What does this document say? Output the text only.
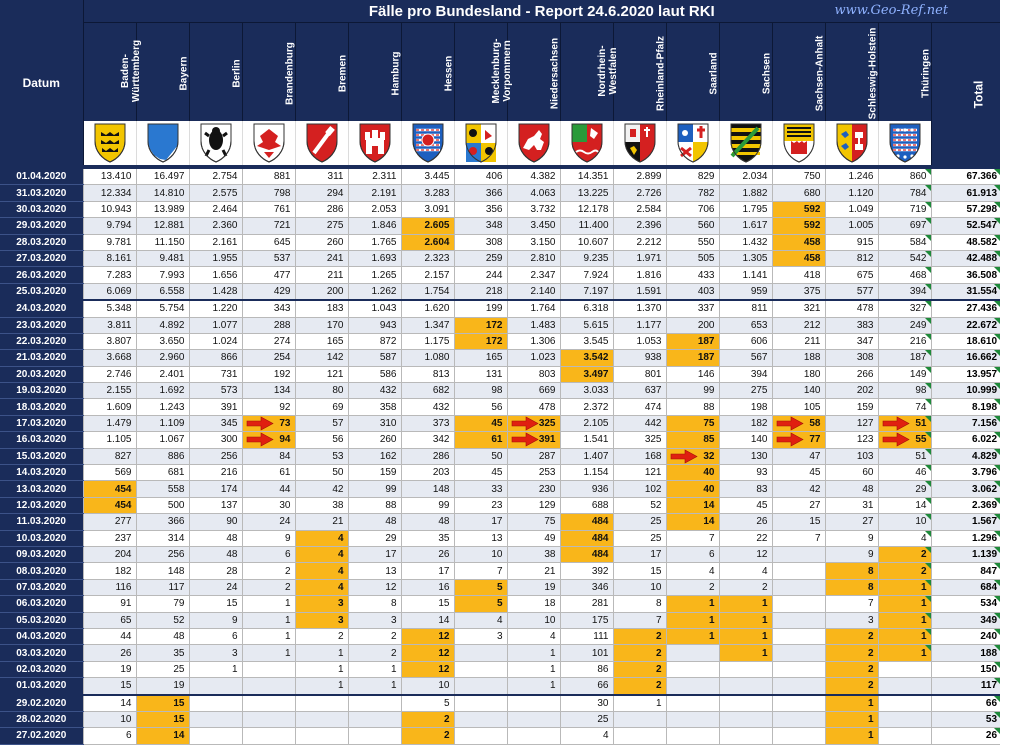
Datum	Fälle pro Bundesland - Report 24.6.2020 laut RKI www.Geo-Ref.net																

	Baden-Württemberg	Bayern	Berlin	Brandenburg	Bremen	Hamburg	Hessen	Mecklenburg-Vorpommern	Niedersachsen	Nordrhein-Westfalen	Rheinland-Pfalz	Saarland	Sachsen	Sachsen-Anhalt	Schleswig-Holstein	Thüringen	Total

01.04.2020	13.410	16.497	2.754	881	311	2.311	3.445	406	4.382	14.351	2.899	829	2.034	750	1.246	860	67.366
31.03.2020	12.334	14.810	2.575	798	294	2.191	3.283	366	4.063	13.225	2.726	782	1.882	680	1.120	784	61.913
30.03.2020	10.943	13.989	2.464	761	286	2.053	3.091	356	3.732	12.178	2.584	706	1.795	592	1.049	719	57.298
29.03.2020	9.794	12.881	2.360	721	275	1.846	2.605	348	3.450	11.400	2.396	560	1.617	592	1.005	697	52.547
28.03.2020	9.781	11.150	2.161	645	260	1.765	2.604	308	3.150	10.607	2.212	550	1.432	458	915	584	48.582
27.03.2020	8.161	9.481	1.955	537	241	1.693	2.323	259	2.810	9.235	1.971	505	1.305	458	812	542	42.488
26.03.2020	7.283	7.993	1.656	477	211	1.265	2.157	244	2.347	7.924	1.816	433	1.141	418	675	468	36.508
25.03.2020	6.069	6.558	1.428	429	200	1.262	1.754	218	2.140	7.197	1.591	403	959	375	577	394	31.554
24.03.2020	5.348	5.754	1.220	343	183	1.043	1.620	199	1.764	6.318	1.370	337	811	321	478	327	27.436
23.03.2020	3.811	4.892	1.077	288	170	943	1.347	172	1.483	5.615	1.177	200	653	212	383	249	22.672
22.03.2020	3.807	3.650	1.024	274	165	872	1.175	172	1.306	3.545	1.053	187	606	211	347	216	18.610
21.03.2020	3.668	2.960	866	254	142	587	1.080	165	1.023	3.542	938	187	567	188	308	187	16.662
20.03.2020	2.746	2.401	731	192	121	586	813	131	803	3.497	801	146	394	180	266	149	13.957
19.03.2020	2.155	1.692	573	134	80	432	682	98	669	3.033	637	99	275	140	202	98	10.999
18.03.2020	1.609	1.243	391	92	69	358	432	56	478	2.372	474	88	198	105	159	74	8.198
17.03.2020	1.479	1.109	345	73	57	310	373	45	325	2.105	442	75	182	58	127	51	7.156
16.03.2020	1.105	1.067	300	94	56	260	342	61	391	1.541	325	85	140	77	123	55	6.022
15.03.2020	827	886	256	84	53	162	286	50	287	1.407	168	32	130	47	103	51	4.829
14.03.2020	569	681	216	61	50	159	203	45	253	1.154	121	40	93	45	60	46	3.796
13.03.2020	454	558	174	44	42	99	148	33	230	936	102	40	83	42	48	29	3.062
12.03.2020	454	500	137	30	38	88	99	23	129	688	52	14	45	27	31	14	2.369
11.03.2020	277	366	90	24	21	48	48	17	75	484	25	14	26	15	27	10	1.567
10.03.2020	237	314	48	9	4	29	35	13	49	484	25	7	22	7	9	4	1.296
09.03.2020	204	256	48	6	4	17	26	10	38	484	17	6	12		9	2	1.139
08.03.2020	182	148	28	2	4	13	17	7	21	392	15	4	4		8	2	847
07.03.2020	116	117	24	2	4	12	16	5	19	346	10	2	2		8	1	684
06.03.2020	91	79	15	1	3	8	15	5	18	281	8	1	1		7	1	534
05.03.2020	65	52	9	1	3	3	14	4	10	175	7	1	1		3	1	349
04.03.2020	44	48	6	1	2	2	12	3	4	111	2	1	1		2	1	240
03.03.2020	26	35	3	1	1	2	12		1	101	2		1		2	1	188
02.03.2020	19	25	1		1	1	12		1	86	2				2		150
01.03.2020	15	19			1	1	10		1	66	2				2		117
29.02.2020	14	15					5			30	1				1		66
28.02.2020	10	15					2			25					1		53
27.02.2020	6	14					2			4					1		26
